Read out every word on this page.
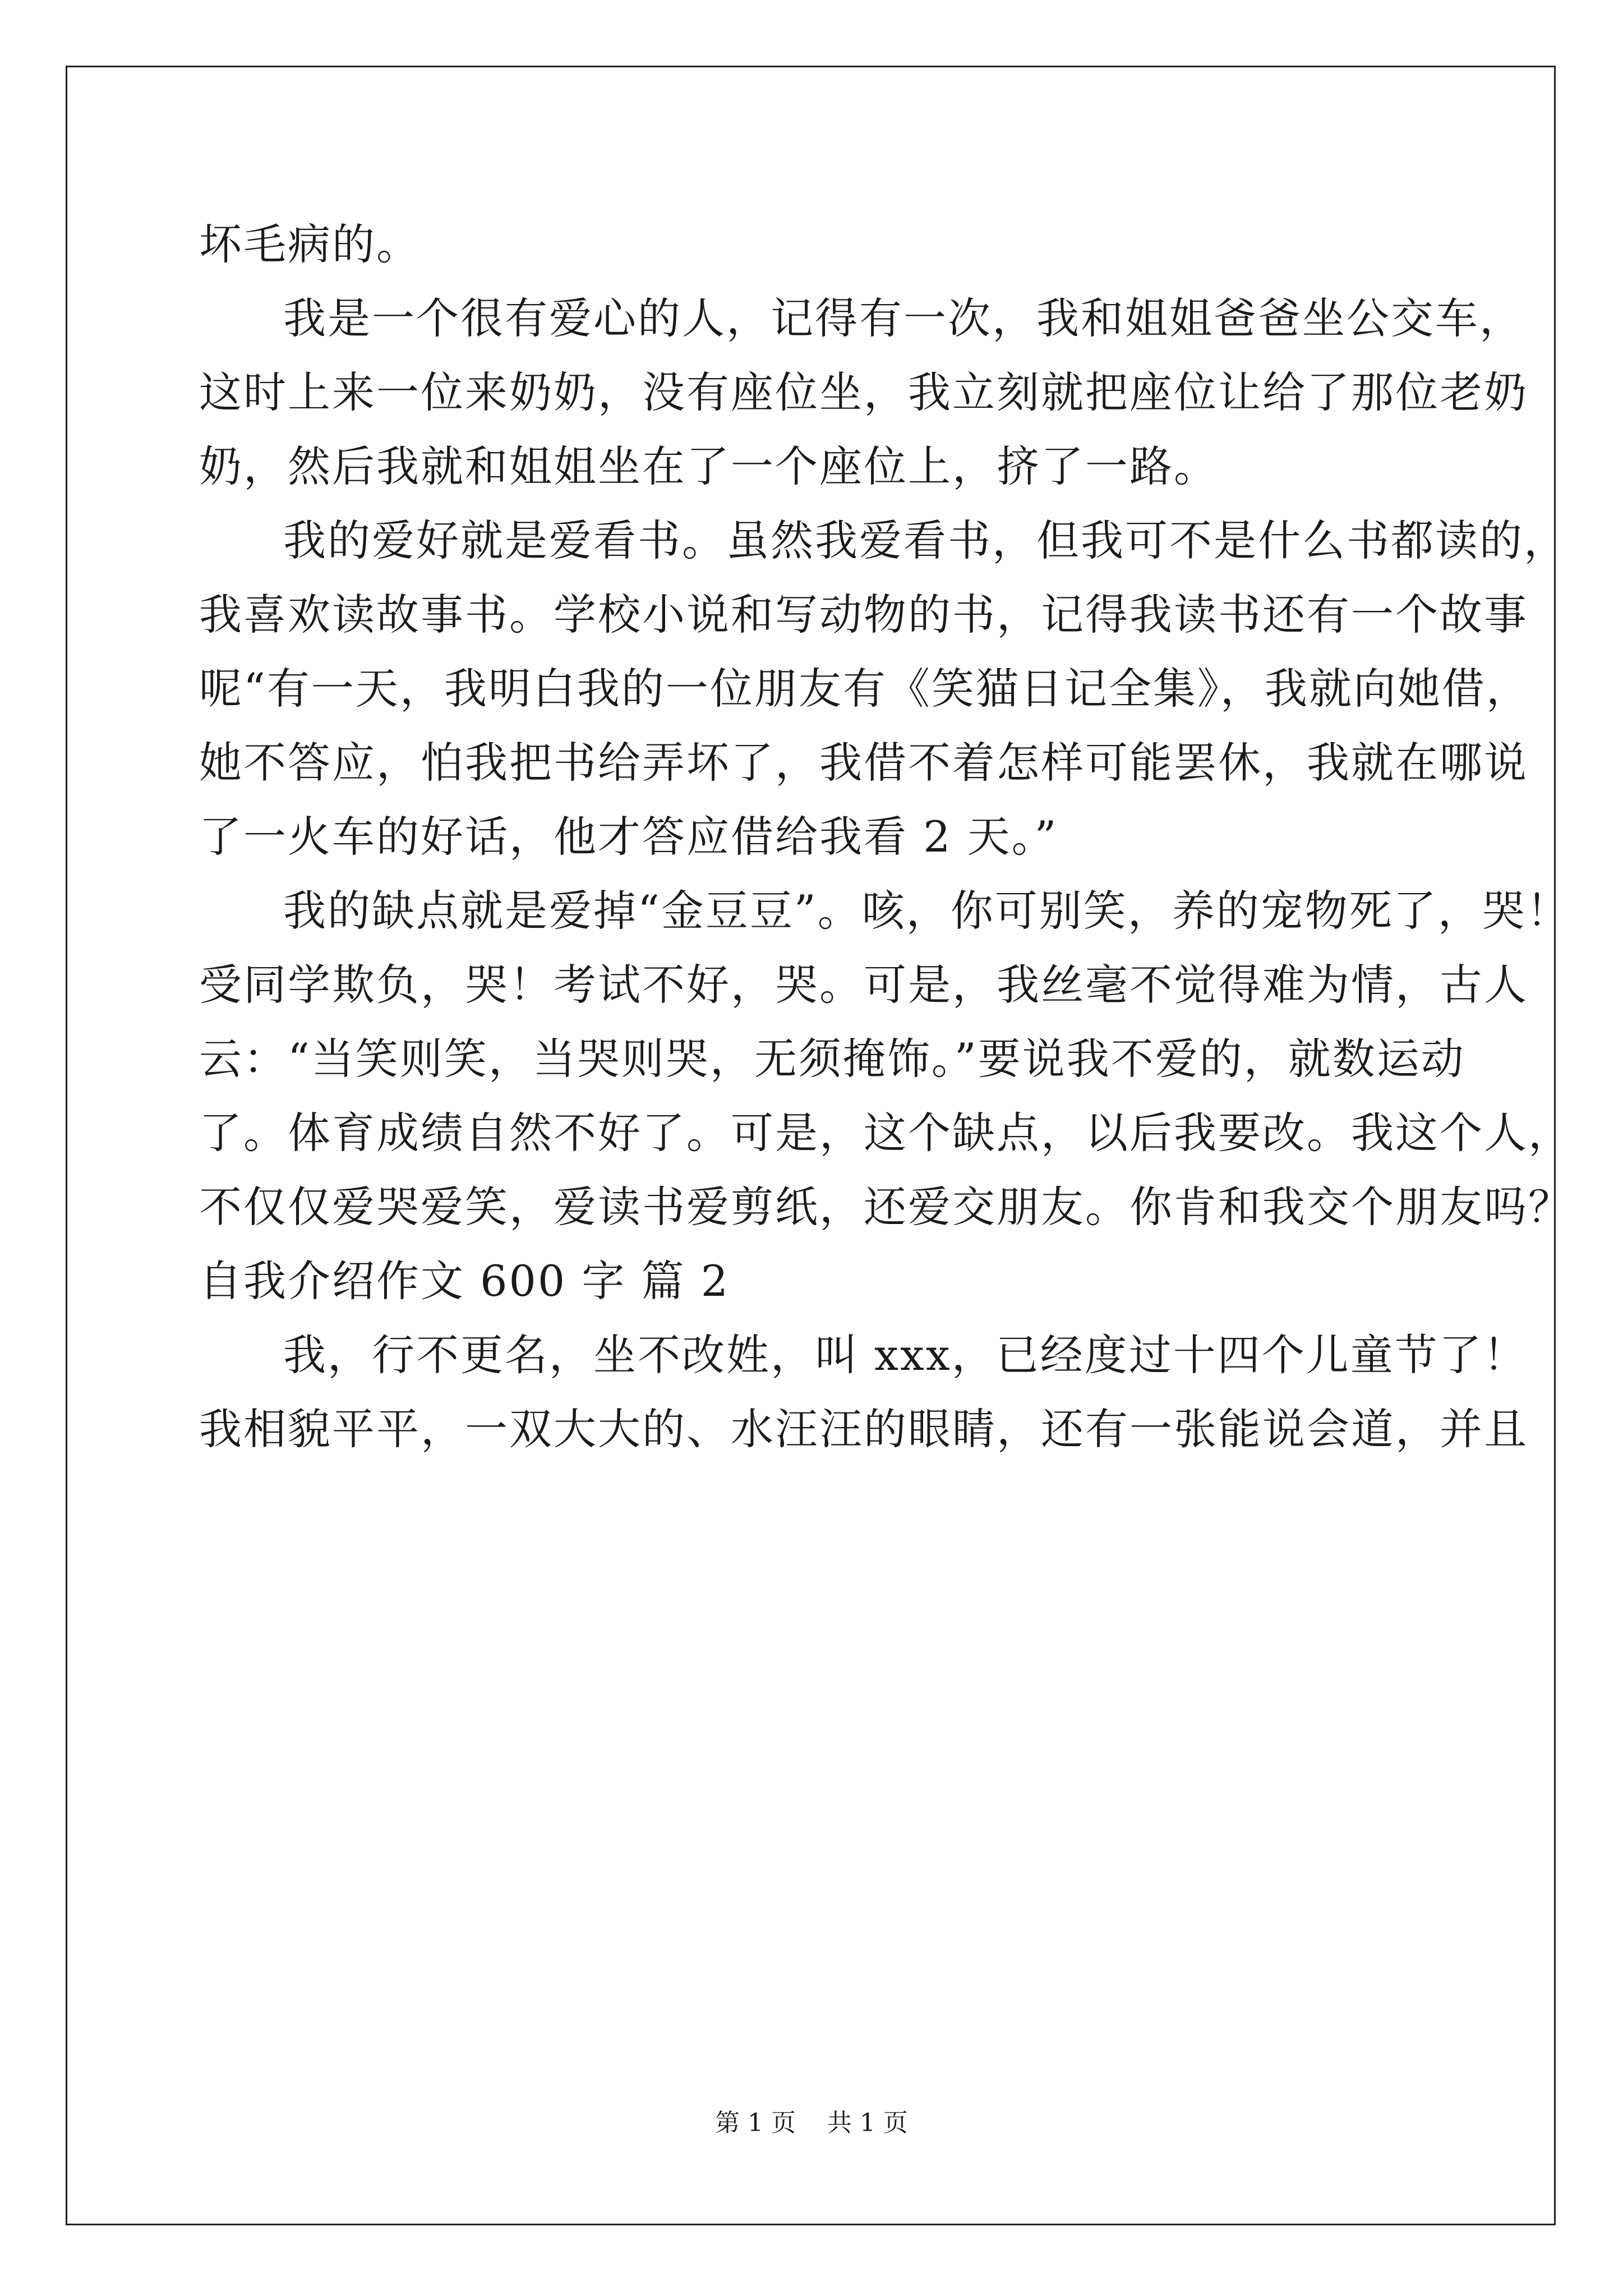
坏毛病的。
我是一个很有爱心的人，记得有一次，我和姐姐爸爸坐公交车，
这时上来一位来奶奶，没有座位坐，我立刻就把座位让给了那位老奶
奶，然后我就和姐姐坐在了一个座位上，挤了一路。
我的爱好就是爱看书。虽然我爱看书，但我可不是什么书都读的，
我喜欢读故事书。学校小说和写动物的书，记得我读书还有一个故事
呢“有一天，我明白我的一位朋友有《笑猫日记全集》，我就向她借，
她不答应，怕我把书给弄坏了，我借不着怎样可能罢休，我就在哪说
了一火车的好话，他才答应借给我看 2 天。”
我的缺点就是爱掉“金豆豆”。咳，你可别笑，养的宠物死了，哭！
受同学欺负，哭！考试不好，哭。可是，我丝毫不觉得难为情，古人
云：“当笑则笑，当哭则哭，无须掩饰。”要说我不爱的，就数运动
了。体育成绩自然不好了。可是，这个缺点，以后我要改。我这个人，
不仅仅爱哭爱笑，爱读书爱剪纸，还爱交朋友。你肯和我交个朋友吗？
自我介绍作文 600 字 篇 2
我，行不更名，坐不改姓，叫 xxx，已经度过十四个儿童节了！
我相貌平平，一双大大的、水汪汪的眼睛，还有一张能说会道，并且
第 1 页    共 1 页
